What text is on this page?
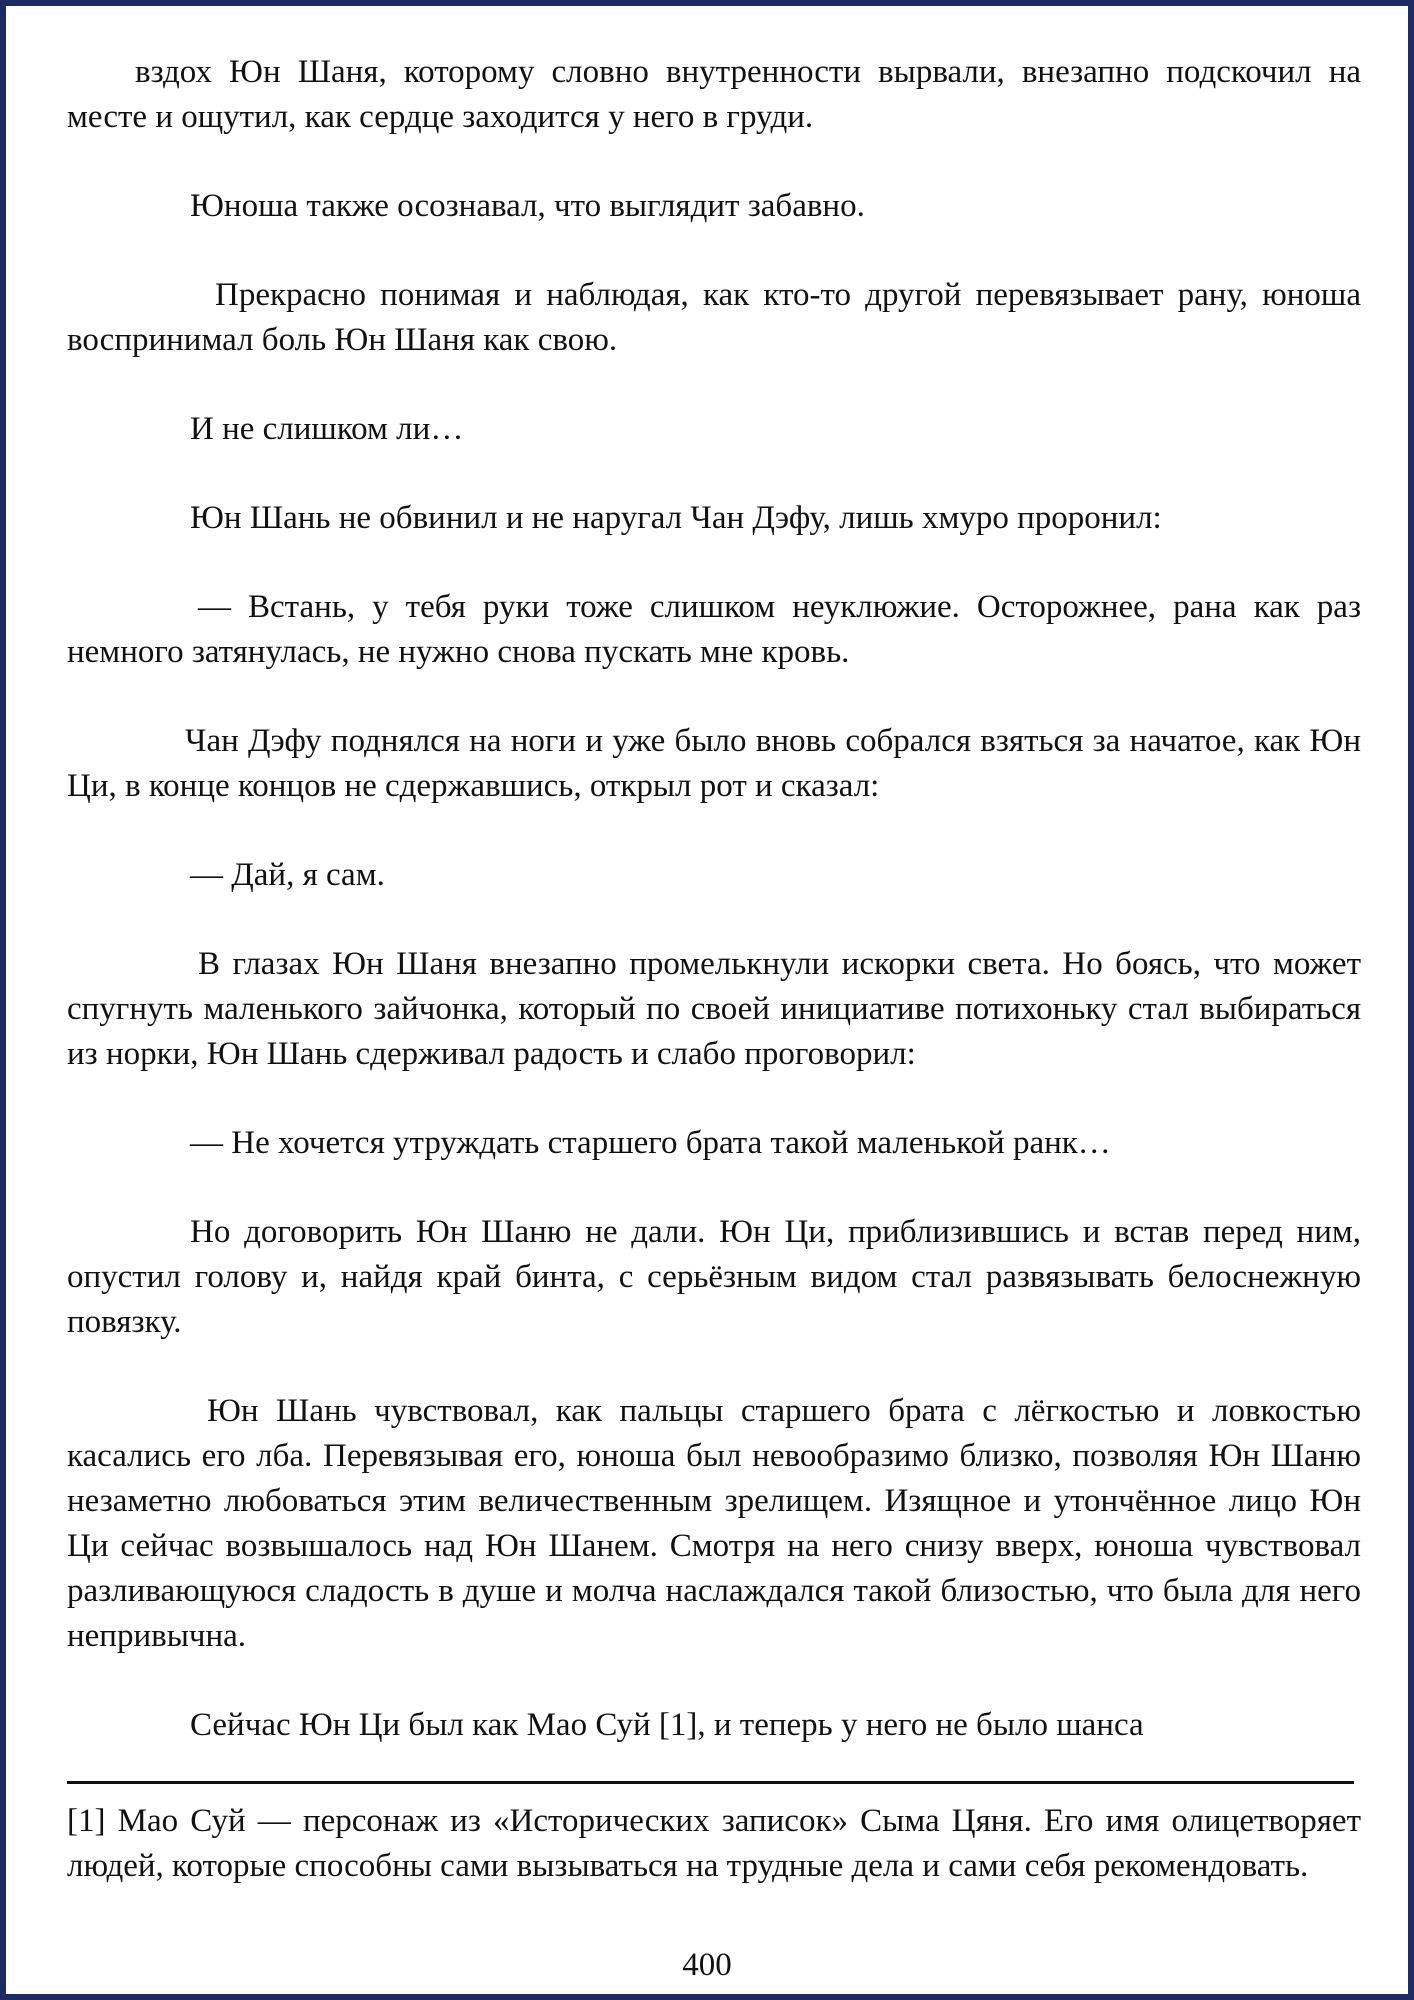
вздох Юн Шаня, которому словно внутренности вырвали, внезапно подскочил на месте и ощутил, как сердце заходится у него в груди.

Юноша также осознавал, что выглядит забавно.

Прекрасно понимая и наблюдая, как кто-то другой перевязывает рану, юноша воспринимал боль Юн Шаня как свою.

И не слишком ли…

Юн Шань не обвинил и не наругал Чан Дэфу, лишь хмуро проронил:

— Встань, у тебя руки тоже слишком неуклюжие. Осторожнее, рана как раз немного затянулась, не нужно снова пускать мне кровь.

Чан Дэфу поднялся на ноги и уже было вновь собрался взяться за начатое, как Юн Ци, в конце концов не сдержавшись, открыл рот и сказал:

— Дай, я сам.

В глазах Юн Шаня внезапно промелькнули искорки света. Но боясь, что может спугнуть маленького зайчонка, который по своей инициативе потихоньку стал выбираться из норки, Юн Шань сдерживал радость и слабо проговорил:

— Не хочется утруждать старшего брата такой маленькой ранк…

Но договорить Юн Шаню не дали. Юн Ци, приблизившись и встав перед ним, опустил голову и, найдя край бинта, с серьёзным видом стал развязывать белоснежную повязку.

Юн Шань чувствовал, как пальцы старшего брата с лёгкостью и ловкостью касались его лба. Перевязывая его, юноша был невообразимо близко, позволяя Юн Шаню незаметно любоваться этим величественным зрелищем. Изящное и утончённое лицо Юн Ци сейчас возвышалось над Юн Шанем. Смотря на него снизу вверх, юноша чувствовал разливающуюся сладость в душе и молча наслаждался такой близостью, что была для него непривычна.

Сейчас Юн Ци был как Мао Суй [1], и теперь у него не было шанса

[1] Мао Суй — персонаж из «Исторических записок» Сыма Цяня. Его имя олицетворяет людей, которые способны сами вызываться на трудные дела и сами себя рекомендовать.

400
